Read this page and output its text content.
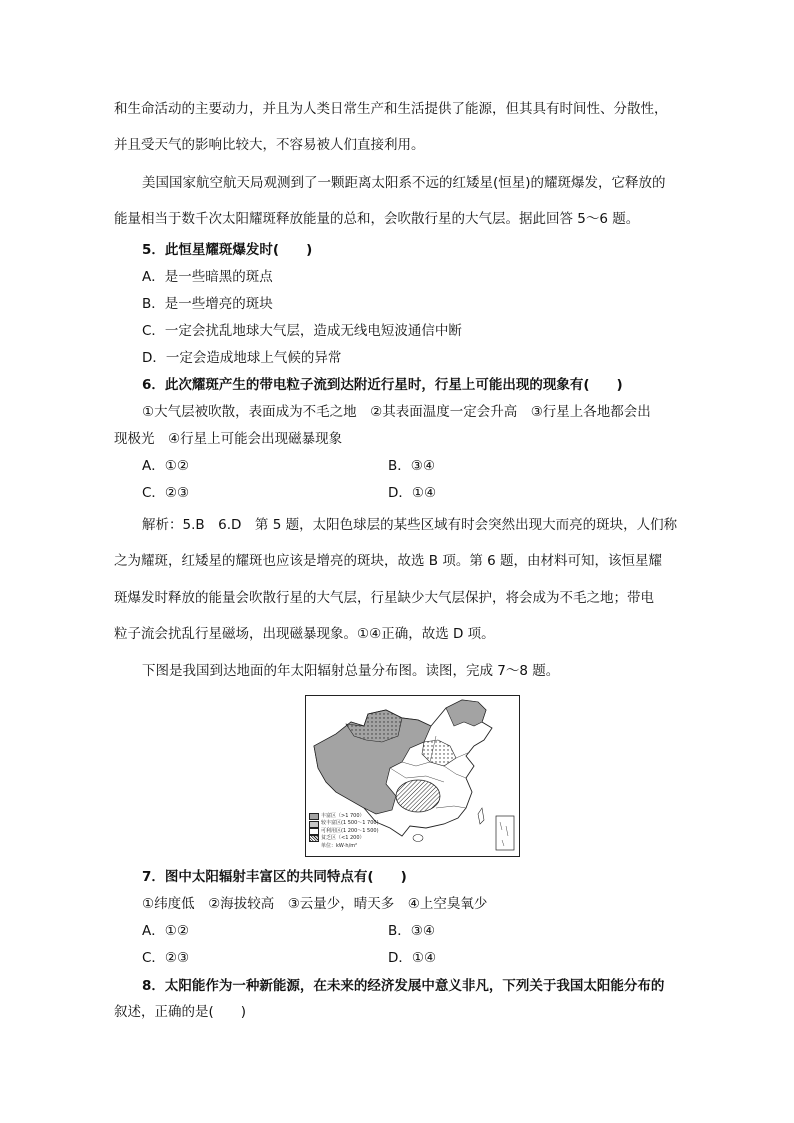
和生命活动的主要动力，并且为人类日常生产和生活提供了能源，但其具有时间性、分散性，
并且受天气的影响比较大，不容易被人们直接利用。
美国国家航空航天局观测到了一颗距离太阳系不远的红矮星(恒星)的耀斑爆发，它释放的
能量相当于数千次太阳耀斑释放能量的总和，会吹散行星的大气层。据此回答 5～6 题。
5．此恒星耀斑爆发时(　　)
A．是一些暗黑的斑点
B．是一些增亮的斑块
C．一定会扰乱地球大气层，造成无线电短波通信中断
D．一定会造成地球上气候的异常
6．此次耀斑产生的带电粒子流到达附近行星时，行星上可能出现的现象有(　　)
①大气层被吹散，表面成为不毛之地　②其表面温度一定会升高　③行星上各地都会出
现极光　④行星上可能会出现磁暴现象
A．①②	B．③④
C．②③	D．①④
解析：5.B　6.D　第 5 题，太阳色球层的某些区域有时会突然出现大而亮的斑块，人们称
之为耀斑，红矮星的耀斑也应该是增亮的斑块，故选 B 项。第 6 题，由材料可知，该恒星耀
斑爆发时释放的能量会吹散行星的大气层，行星缺少大气层保护，将会成为不毛之地；带电
粒子流会扰乱行星磁场，出现磁暴现象。①④正确，故选 D 项。
下图是我国到达地面的年太阳辐射总量分布图。读图，完成 7～8 题。
丰富区（>1 700）
较丰富区(1 500～1 700)
可利用区(1 200～1 500)
贫乏区（<1 200）
单位：kW·h/m²
7．图中太阳辐射丰富区的共同特点有(　　)
①纬度低　②海拔较高　③云量少，晴天多　④上空臭氧少
A．①②	B．③④
C．②③	D．①④
8．太阳能作为一种新能源，在未来的经济发展中意义非凡，下列关于我国太阳能分布的
叙述，正确的是(　　)
